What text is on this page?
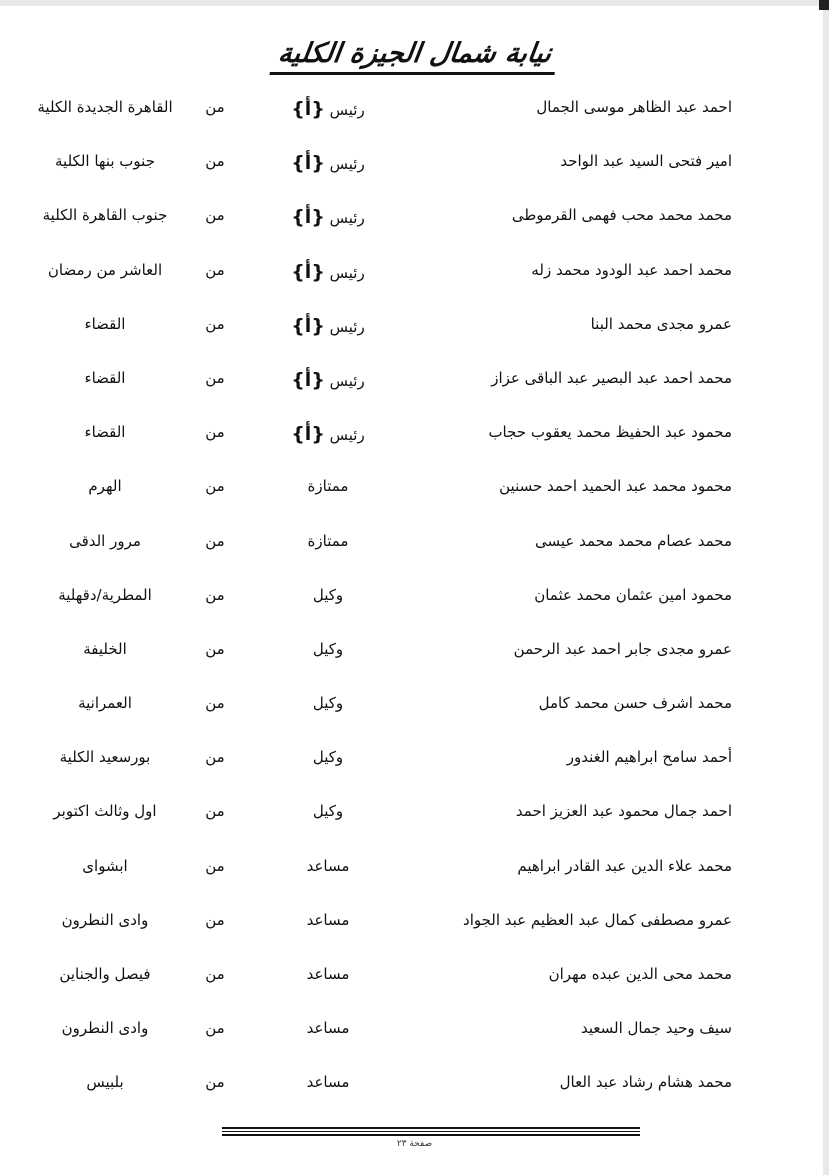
نيابة شمال الجيزة الكلية
احمد عبد الظاهر موسى الجمال
رئيس {أ}
من
القاهرة الجديدة الكلية
امير فتحى السيد عبد الواحد
رئيس {أ}
من
جنوب بنها الكلية
محمد محمد محب فهمى القرموطى
رئيس {أ}
من
جنوب القاهرة الكلية
محمد احمد عبد الودود محمد زله
رئيس {أ}
من
العاشر من رمضان
عمرو مجدى محمد البنا
رئيس {أ}
من
القضاء
محمد احمد عبد البصير عبد الباقى عزاز
رئيس {أ}
من
القضاء
محمود عبد الحفيظ محمد يعقوب حجاب
رئيس {أ}
من
القضاء
محمود محمد عبد الحميد احمد حسنين
ممتازة
من
الهرم
محمد عصام محمد محمد عيسى
ممتازة
من
مرور الدقى
محمود امين عثمان محمد عثمان
وكيل
من
المطرية/دقهلية
عمرو مجدى جابر احمد عبد الرحمن
وكيل
من
الخليفة
محمد اشرف حسن محمد كامل
وكيل
من
العمرانية
أحمد سامح ابراهيم الغندور
وكيل
من
بورسعيد الكلية
احمد جمال محمود عبد العزيز احمد
وكيل
من
اول وثالث اكتوبر
محمد علاء الدين عبد القادر ابراهيم
مساعد
من
ابشواى
عمرو مصطفى كمال عبد العظيم عبد الجواد
مساعد
من
وادى النطرون
محمد محى الدين عبده مهران
مساعد
من
فيصل والجناين
سيف وحيد جمال السعيد
مساعد
من
وادى النطرون
محمد هشام رشاد عبد العال
مساعد
من
بلبيس
صفحة ٢٣
